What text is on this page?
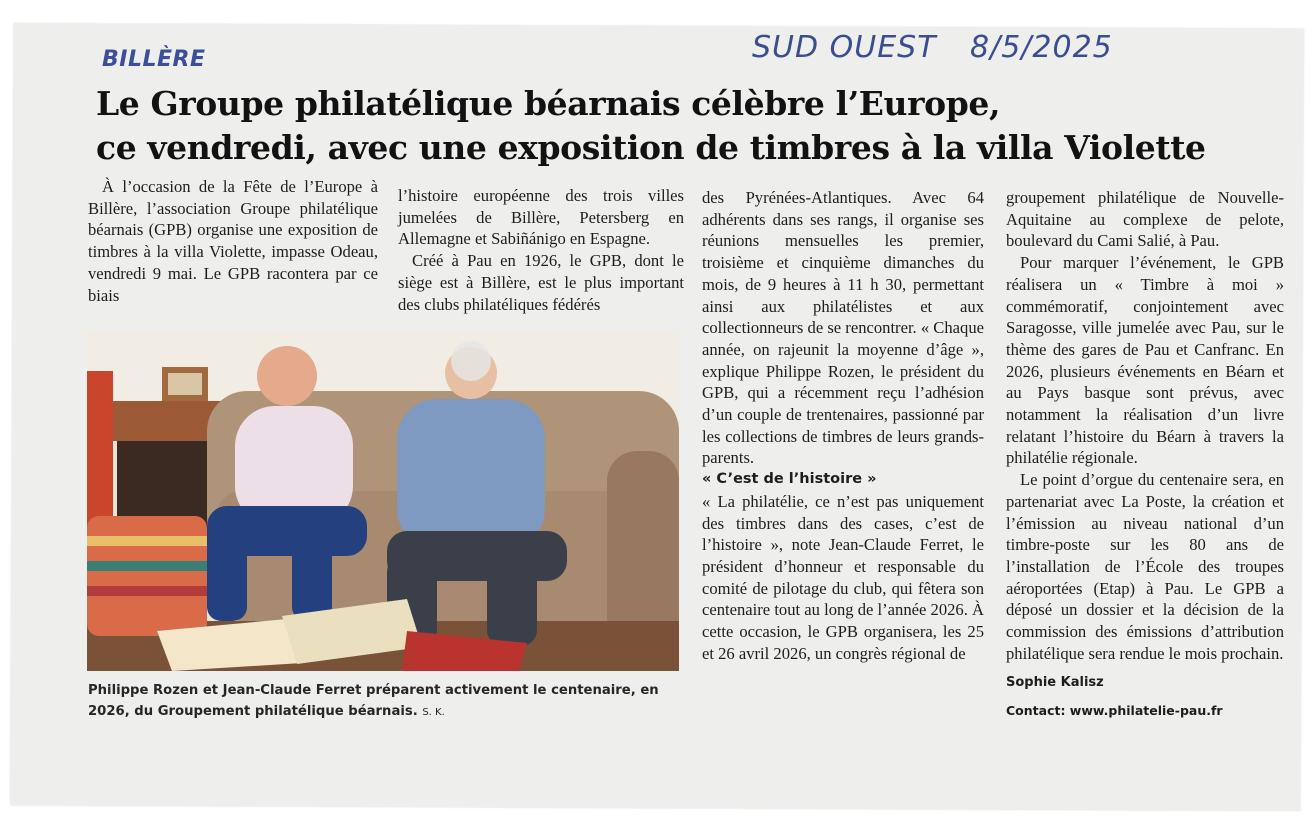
SUD OUEST 8/5/2025
BILLÈRE
Le Groupe philatélique béarnais célèbre l’Europe,
ce vendredi, avec une exposition de timbres à la villa Violette

À l’occasion de la Fête de l’Europe à Billère, l’association Groupe philatélique béarnais (GPB) organise une exposition de timbres à la villa Violette, impasse Odeau, vendredi 9 mai. Le GPB racontera par ce biais

l’histoire européenne des trois villes jumelées de Billère, Petersberg en Allemagne et Sabiñánigo en Espagne.

Créé à Pau en 1926, le GPB, dont le siège est à Billère, est le plus important des clubs philatéliques fédérés

Philippe Rozen et Jean-Claude Ferret préparent activement le centenaire, en 2026, du Groupement philatélique béarnais. S. K.

des Pyrénées-Atlantiques. Avec 64 adhérents dans ses rangs, il organise ses réunions mensuelles les premier, troisième et cinquième dimanches du mois, de 9 heures à 11 h 30, permettant ainsi aux philatélistes et aux collectionneurs de se rencontrer. « Chaque année, on rajeunit la moyenne d’âge », explique Philippe Rozen, le président du GPB, qui a récemment reçu l’adhésion d’un couple de trentenaires, passionné par les collections de timbres de leurs grands-parents.

« C’est de l’histoire »

« La philatélie, ce n’est pas uniquement des timbres dans des cases, c’est de l’histoire », note Jean-Claude Ferret, le président d’honneur et responsable du comité de pilotage du club, qui fêtera son centenaire tout au long de l’année 2026. À cette occasion, le GPB organisera, les 25 et 26 avril 2026, un congrès régional de

groupement philatélique de Nouvelle-Aquitaine au complexe de pelote, boulevard du Cami Salié, à Pau.

Pour marquer l’événement, le GPB réalisera un « Timbre à moi » commémoratif, conjointement avec Saragosse, ville jumelée avec Pau, sur le thème des gares de Pau et Canfranc. En 2026, plusieurs événements en Béarn et au Pays basque sont prévus, avec notamment la réalisation d’un livre relatant l’histoire du Béarn à travers la philatélie régionale.

Le point d’orgue du centenaire sera, en partenariat avec La Poste, la création et l’émission au niveau national d’un timbre-poste sur les 80 ans de l’installation de l’École des troupes aéroportées (Etap) à Pau. Le GPB a déposé un dossier et la décision de la commission des émissions d’attribution philatélique sera rendue le mois prochain.

Sophie Kalisz
Contact: www.philatelie-pau.fr
